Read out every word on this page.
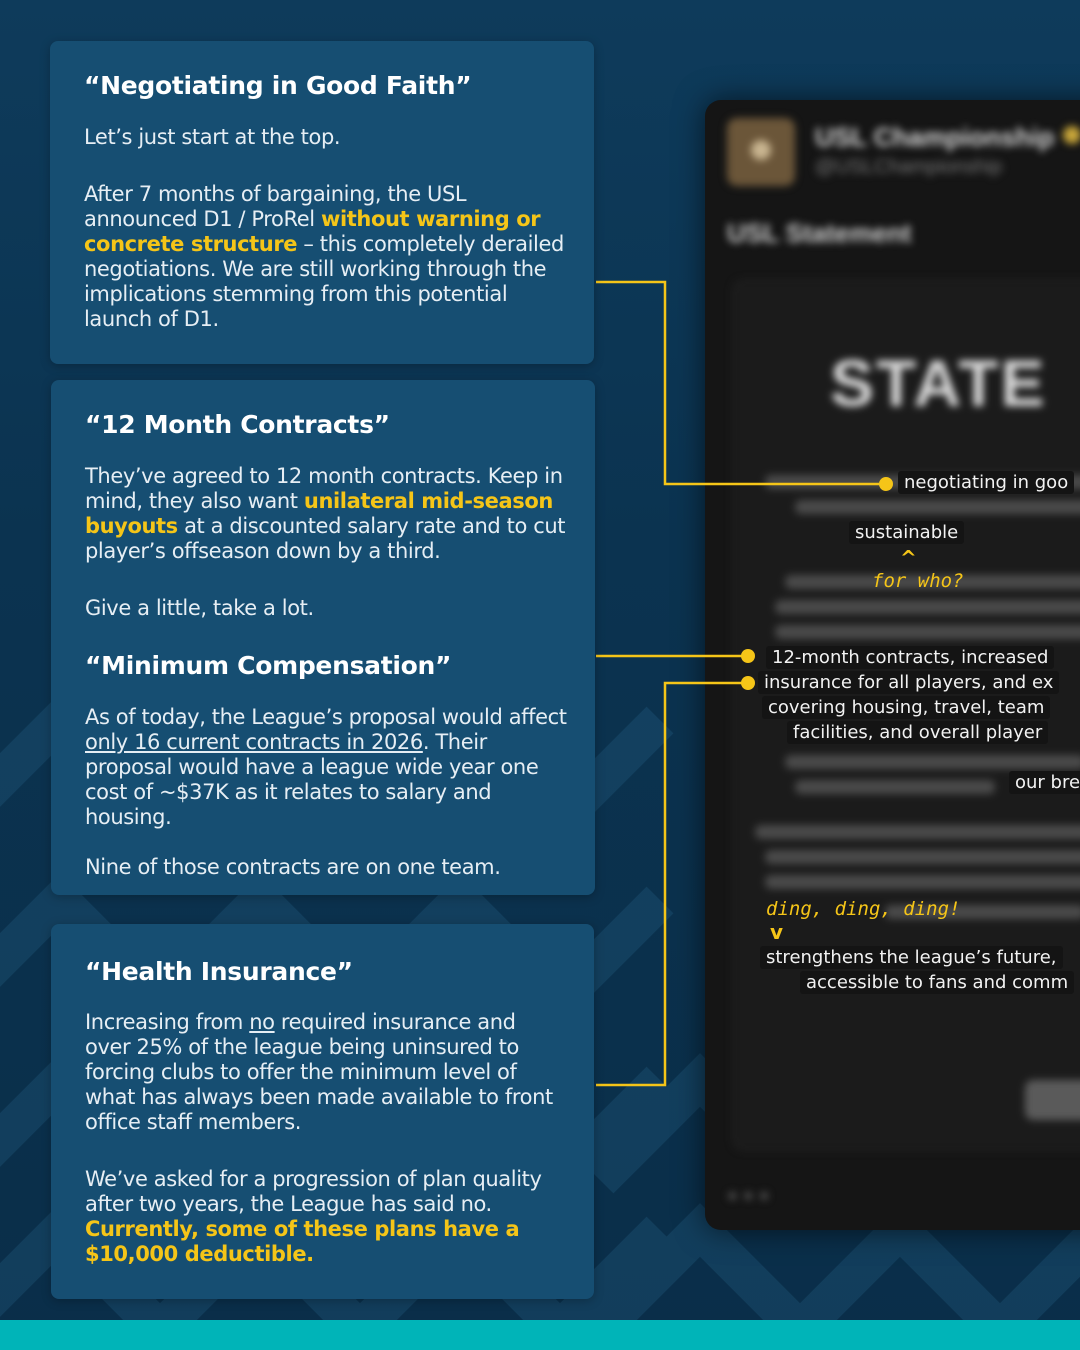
USL Championship
@USLChampionship
USL Statement
STATE
● ● ●
negotiating in goo
sustainable
^
for who?
12-month contracts, increased
insurance for all players, and ex
covering housing, travel, team
facilities, and overall player
our bre
ding, ding, ding!
v
strengthens the league’s future,
accessible to fans and comm
“Negotiating in Good Faith”

Let’s just start at the top.

After 7 months of bargaining, the USL announced D1 / ProRel without warning or concrete structure – this completely derailed negotiations. We are still working through the implications stemming from this potential launch of D1.

“12 Month Contracts”

They’ve agreed to 12 month contracts. Keep in mind, they also want unilateral mid-season buyouts at a discounted salary rate and to cut player’s offseason down by a third.

Give a little, take a lot.

“Minimum Compensation”

As of today, the League’s proposal would affect only 16 current contracts in 2026. Their proposal would have a league wide year one cost of ~$37K as it relates to salary and housing.

Nine of those contracts are on one team.

“Health Insurance”

Increasing from no required insurance and over 25% of the league being uninsured to forcing clubs to offer the minimum level of what has always been made available to front office staff members.

We’ve asked for a progression of plan quality after two years, the League has said no. Currently, some of these plans have a $10,000 deductible.
